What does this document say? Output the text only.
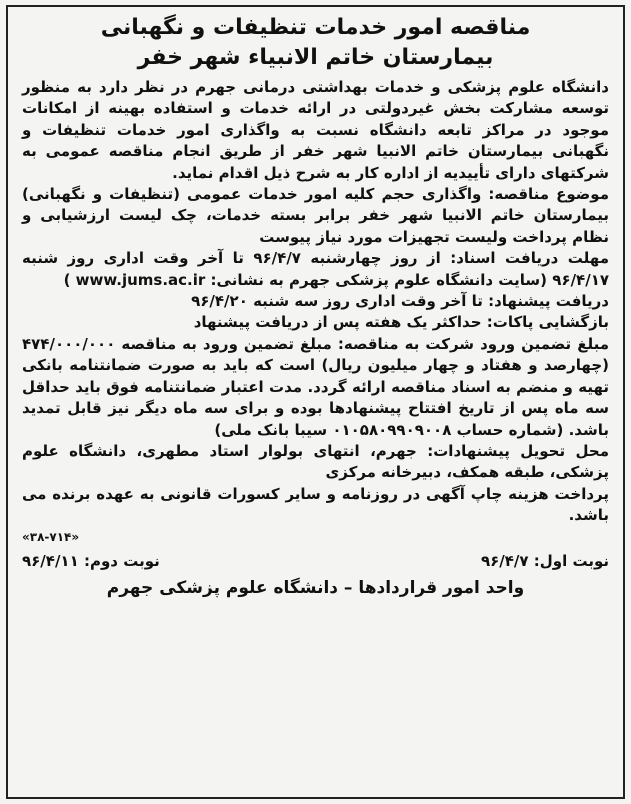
مناقصه امور خدمات تنظیفات و نگهبانی

بیمارستان خاتم الانبیاء شهر خفر

دانشگاه علوم پزشکی و خدمات بهداشتی درمانی جهرم در نظر دارد به منظور توسعه مشارکت بخش غیردولتی در ارائه خدمات و استفاده بهینه از امکانات موجود در مراکز تابعه دانشگاه نسبت به واگذاری امور خدمات تنظیفات و نگهبانی بیمارستان خاتم الانبیا شهر خفر از طریق انجام مناقصه عمومی به شرکتهای دارای تأییدیه از اداره کار به شرح ذیل اقدام نماید.

موضوع مناقصه: واگذاری حجم کلیه امور خدمات عمومی (تنظیفات و نگهبانی) بیمارستان خاتم الانبیا شهر خفر برابر بسته خدمات، چک لیست ارزشیابی و نظام پرداخت ولیست تجهیزات مورد نیاز پیوست

مهلت دریافت اسناد: از روز چهارشنبه ۹۶/۴/۷ تا آخر وقت اداری روز شنبه ۹۶/۴/۱۷ (سایت دانشگاه علوم پزشکی جهرم به نشانی: www.jums.ac.ir )

دریافت پیشنهاد: تا آخر وقت اداری روز سه شنبه ۹۶/۴/۲۰

بازگشایی پاکات: حداکثر یک هفته پس از دریافت پیشنهاد

مبلغ تضمین ورود شرکت به مناقصه: مبلغ تضمین ورود به مناقصه ۴۷۴/۰۰۰/۰۰۰ (چهارصد و هفتاد و چهار میلیون ریال) است که باید به صورت ضمانتنامه بانکی تهیه و منضم به اسناد مناقصه ارائه گردد. مدت اعتبار ضمانتنامه فوق باید حداقل سه ماه پس از تاریخ افتتاح پیشنهادها بوده و برای سه ماه دیگر نیز قابل تمدید باشد. (شماره حساب ۰۱۰۵۸۰۹۹۰۹۰۰۸ سیبا بانک ملی)

محل تحویل پیشنهادات: جهرم، انتهای بولوار استاد مطهری، دانشگاه علوم پزشکی، طبقه همکف، دبیرخانه مرکزی

پرداخت هزینه چاپ آگهی در روزنامه و سایر کسورات قانونی به عهده برنده می باشد.

«۳۸-۷۱۴»
نوبت اول: ۹۶/۴/۷
نوبت دوم: ۹۶/۴/۱۱
واحد امور قراردادها – دانشگاه علوم پزشکی جهرم
